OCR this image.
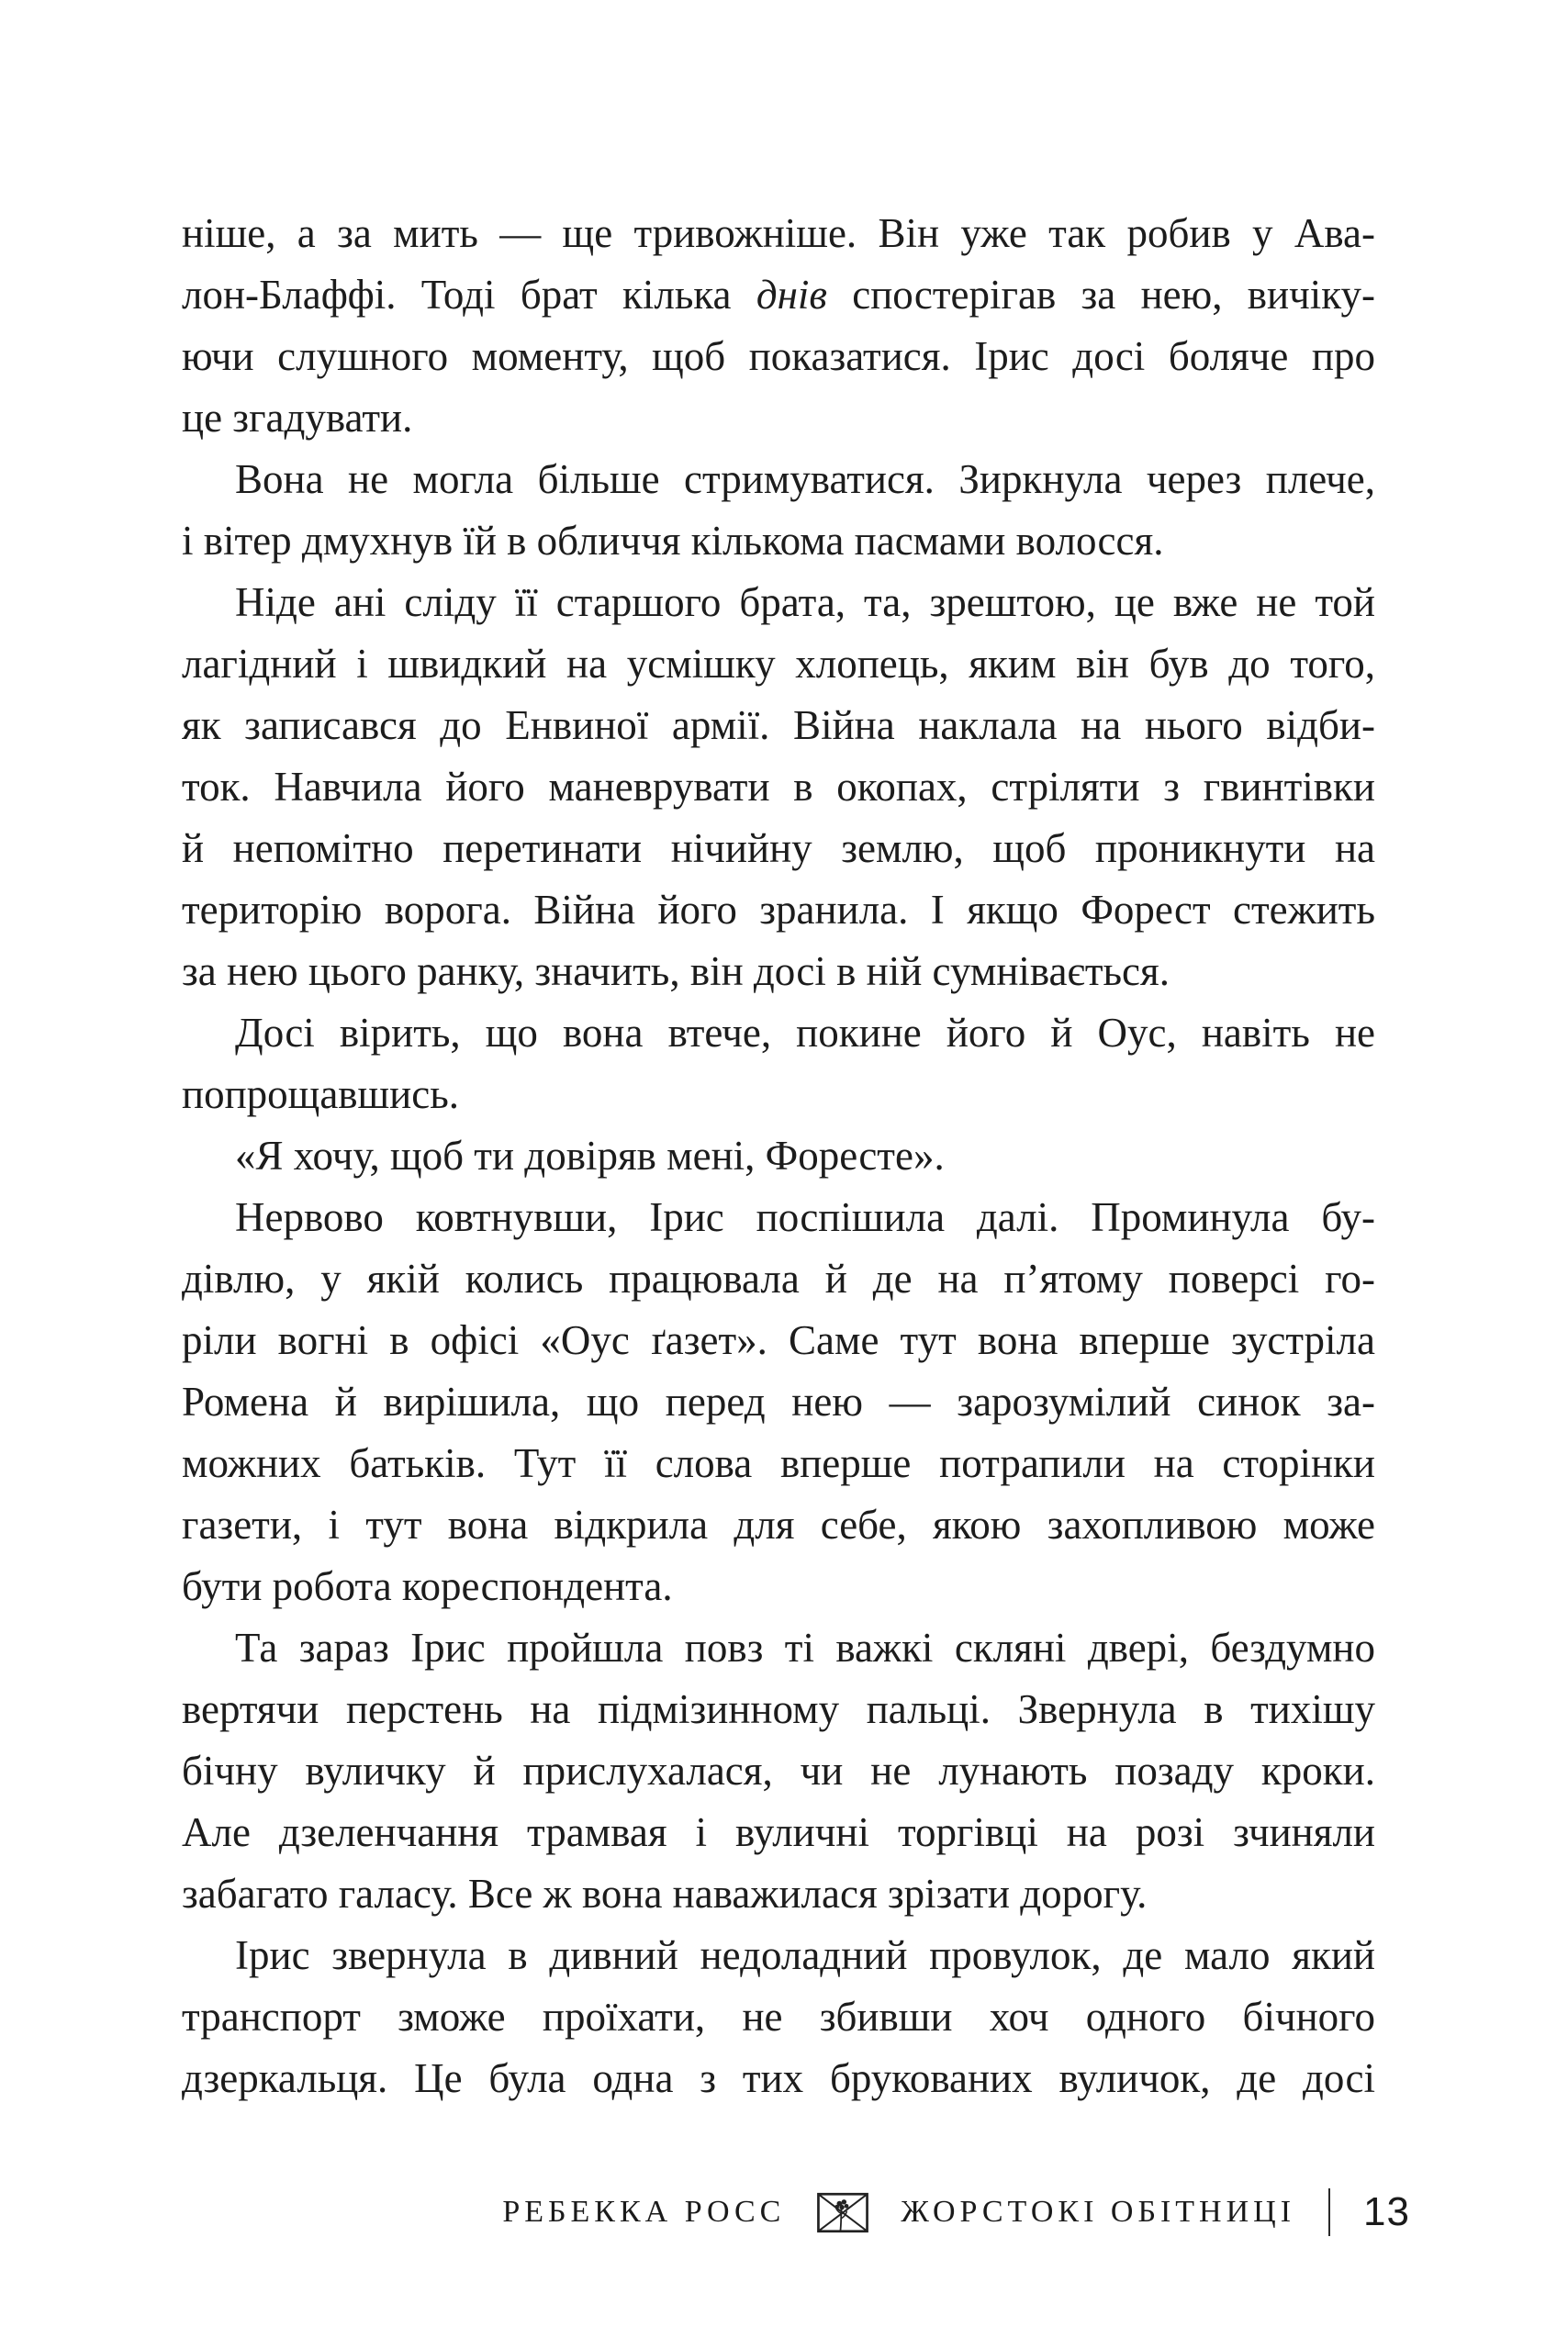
ніше, а за мить — ще тривожніше. Він уже так робив у Ава-
лон-Блаффі. Тоді брат кілька днів спостерігав за нею, вичіку-
ючи слушного моменту, щоб показатися. Ірис досі боляче про
це згадувати.
Вона не могла більше стримуватися. Зиркнула через плече,
і вітер дмухнув їй в обличчя кількома пасмами волосся.
Ніде ані сліду її старшого брата, та, зрештою, це вже не той
лагідний і швидкий на усмішку хлопець, яким він був до того,
як записався до Енвиної армії. Війна наклала на нього відби-
ток. Навчила його маневрувати в окопах, стріляти з гвинтівки
й непомітно перетинати нічийну землю, щоб проникнути на
територію ворога. Війна його зранила. І якщо Форест стежить
за нею цього ранку, значить, він досі в ній сумнівається.
Досі вірить, що вона втече, покине його й Оус, навіть не
попрощавшись.
«Я хочу, щоб ти довіряв мені, Форесте».
Нервово ковтнувши, Ірис поспішила далі. Проминула бу-
дівлю, у якій колись працювала й де на п’ятому поверсі го-
ріли вогні в офісі «Оус ґазет». Саме тут вона вперше зустріла
Ромена й вирішила, що перед нею — зарозумілий синок за-
можних батьків. Тут її слова вперше потрапили на сторінки
газети, і тут вона відкрила для себе, якою захопливою може
бути робота кореспондента.
Та зараз Ірис пройшла повз ті важкі скляні двері, бездумно
вертячи перстень на підмізинному пальці. Звернула в тихішу
бічну вуличку й прислухалася, чи не лунають позаду кроки.
Але дзеленчання трамвая і вуличні торгівці на розі зчиняли
забагато галасу. Все ж вона наважилася зрізати дорогу.
Ірис звернула в дивний недоладний провулок, де мало який
транспорт зможе проїхати, не збивши хоч одного бічного
дзеркальця. Це була одна з тих брукованих вуличок, де досі
РЕБЕККА РОСС	ЖОРСТОКІ ОБІТНИЦІ 13
